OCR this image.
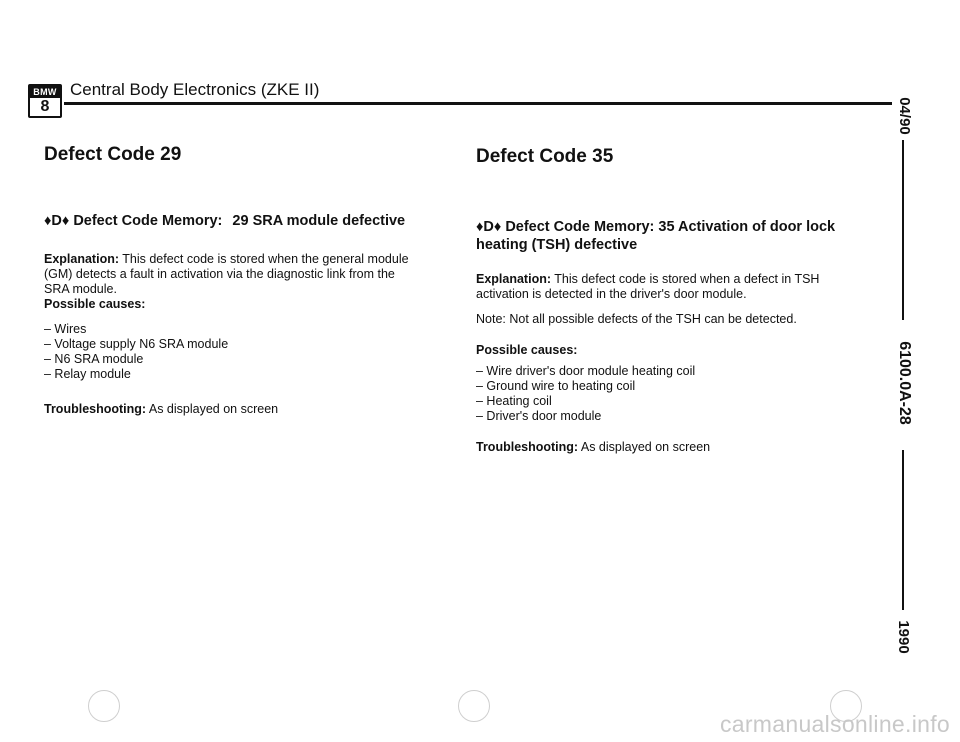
BMW
8
Central Body Electronics (ZKE II)
04/90
6100.0A-28
1990
Defect Code 29
♦D♦ Defect Code Memory: 29 SRA module defective
Explanation: This defect code is stored when the general module (GM) detects a fault in activation via the diagnostic link from the SRA module.
Possible causes:
– Wires
– Voltage supply N6 SRA module
– N6 SRA module
– Relay module
Troubleshooting: As displayed on screen
Defect Code 35
♦D♦ Defect Code Memory: 35 Activation of door lock heating (TSH) defective
Explanation: This defect code is stored when a defect in TSH activation is detected in the driver's door module.
Note: Not all possible defects of the TSH can be detected.
Possible causes:
– Wire driver's door module heating coil
– Ground wire to heating coil
– Heating coil
– Driver's door module
Troubleshooting: As displayed on screen
carmanualsonline.info
